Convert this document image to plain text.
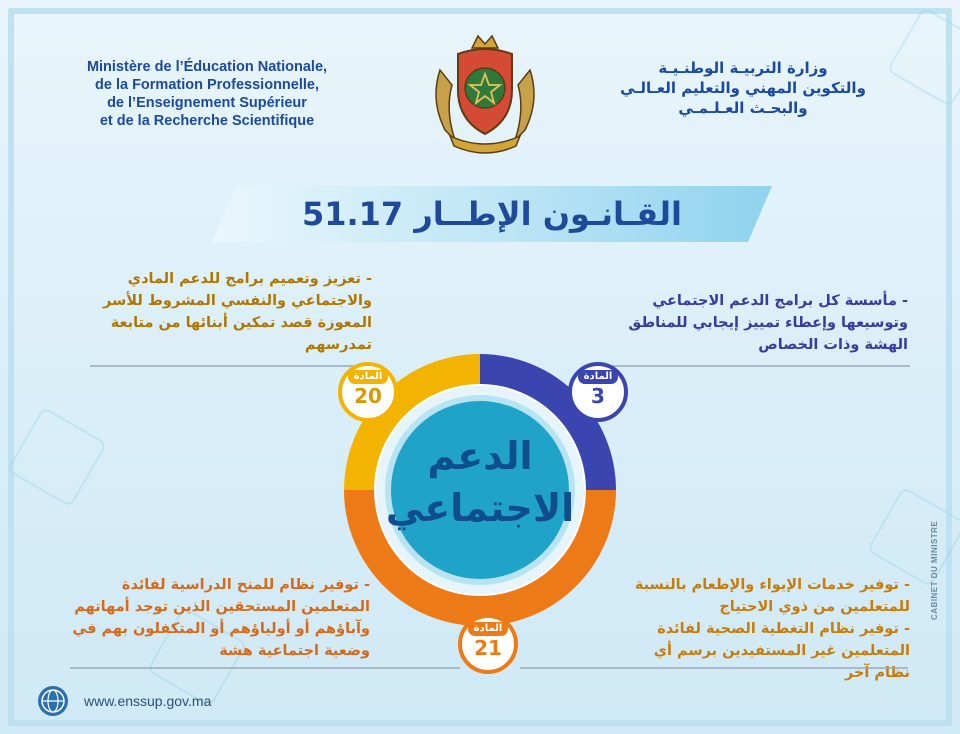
Ministère de l’Éducation Nationale,
de la Formation Professionnelle,
de l’Enseignement Supérieur
et de la Recherche Scientifique
وزارة التربيـة الوطنـيـة
والتكوين المهني والتعليم العـالـي
والبحـث العـلـمـي
القـانـون الإطــار 51.17
- مأسسة كل برامج الدعم الاجتماعي وتوسيعها وإعطاء تمييز إيجابي للمناطق الهشة وذات الخصاص
- تعزيز وتعميم برامج للدعم المادي والاجتماعي والنفسي المشروط للأسر المعوزة قصد تمكين أبنائها من متابعة تمدرسهم
- توفير نظام للمنح الدراسية لفائدة المتعلمين المستحقين الذين توجد أمهاتهم وآباؤهم أو أولياؤهم أو المتكفلون بهم في وضعية اجتماعية هشة
- توفير خدمات الإيواء والإطعام بالنسبة للمتعلمين من ذوي الاحتياج
- توفير نظام التغطية الصحية لفائدة المتعلمين غير المستفيدين برسم أي نظام آخر
الدعم
الاجتماعي
المادة
3
المادة
20
المادة
21
www.enssup.gov.ma
CABINET DU MINISTRE
